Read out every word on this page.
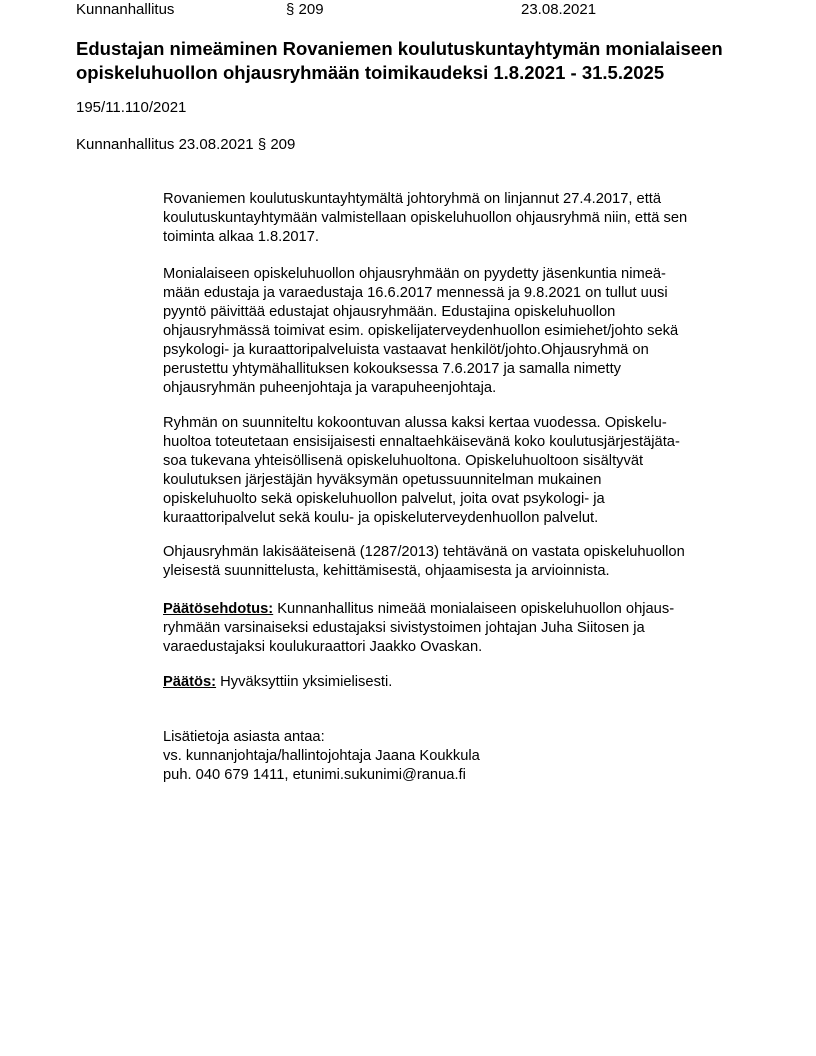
Kunnanhallitus	§ 209	23.08.2021
Edustajan nimeäminen Rovaniemen koulutuskuntayhtymän monialaiseen
opiskeluhuollon ohjausryhmään toimikaudeksi 1.8.2021 - 31.5.2025
195/11.110/2021
Kunnanhallitus 23.08.2021 § 209
Rovaniemen koulutuskuntayhtymältä johtoryhmä on linjannut 27.4.2017, että
koulutuskuntayhtymään valmistellaan opiskeluhuollon ohjausryhmä niin, että sen
toiminta alkaa 1.8.2017.
Monialaiseen opiskeluhuollon ohjausryhmään on pyydetty jäsenkuntia nimeä-
mään edustaja ja varaedustaja 16.6.2017 mennessä ja 9.8.2021 on tullut uusi
pyyntö päivittää edustajat ohjausryhmään. Edustajina opiskeluhuollon
ohjausryhmässä toimivat esim. opiskelijaterveydenhuollon esimiehet/johto sekä
psykologi- ja kuraattoripalveluista vastaavat henkilöt/johto.Ohjausryhmä on
perustettu yhtymähallituksen kokouksessa 7.6.2017 ja samalla nimetty
ohjausryhmän puheenjohtaja ja varapuheenjohtaja.
Ryhmän on suunniteltu kokoontuvan alussa kaksi kertaa vuodessa. Opiskelu-
huoltoa toteutetaan ensisijaisesti ennaltaehkäisevänä koko koulutusjärjestäjäta-
soa tukevana yhteisöllisenä opiskeluhuoltona. Opiskeluhuoltoon sisältyvät
koulutuksen järjestäjän hyväksymän opetussuunnitelman mukainen
opiskeluhuolto sekä opiskeluhuollon palvelut, joita ovat psykologi- ja
kuraattoripalvelut sekä koulu- ja opiskeluterveydenhuollon palvelut.
Ohjausryhmän lakisääteisenä (1287/2013) tehtävänä on vastata opiskeluhuollon
yleisestä suunnittelusta, kehittämisestä, ohjaamisesta ja arvioinnista.
Päätösehdotus: Kunnanhallitus nimeää monialaiseen opiskeluhuollon ohjaus-
ryhmään varsinaiseksi edustajaksi sivistystoimen johtajan Juha Siitosen ja
varaedustajaksi koulukuraattori Jaakko Ovaskan.
Päätös: Hyväksyttiin yksimielisesti.
Lisätietoja asiasta antaa:
vs. kunnanjohtaja/hallintojohtaja Jaana Koukkula
puh. 040 679 1411, etunimi.sukunimi@ranua.fi
